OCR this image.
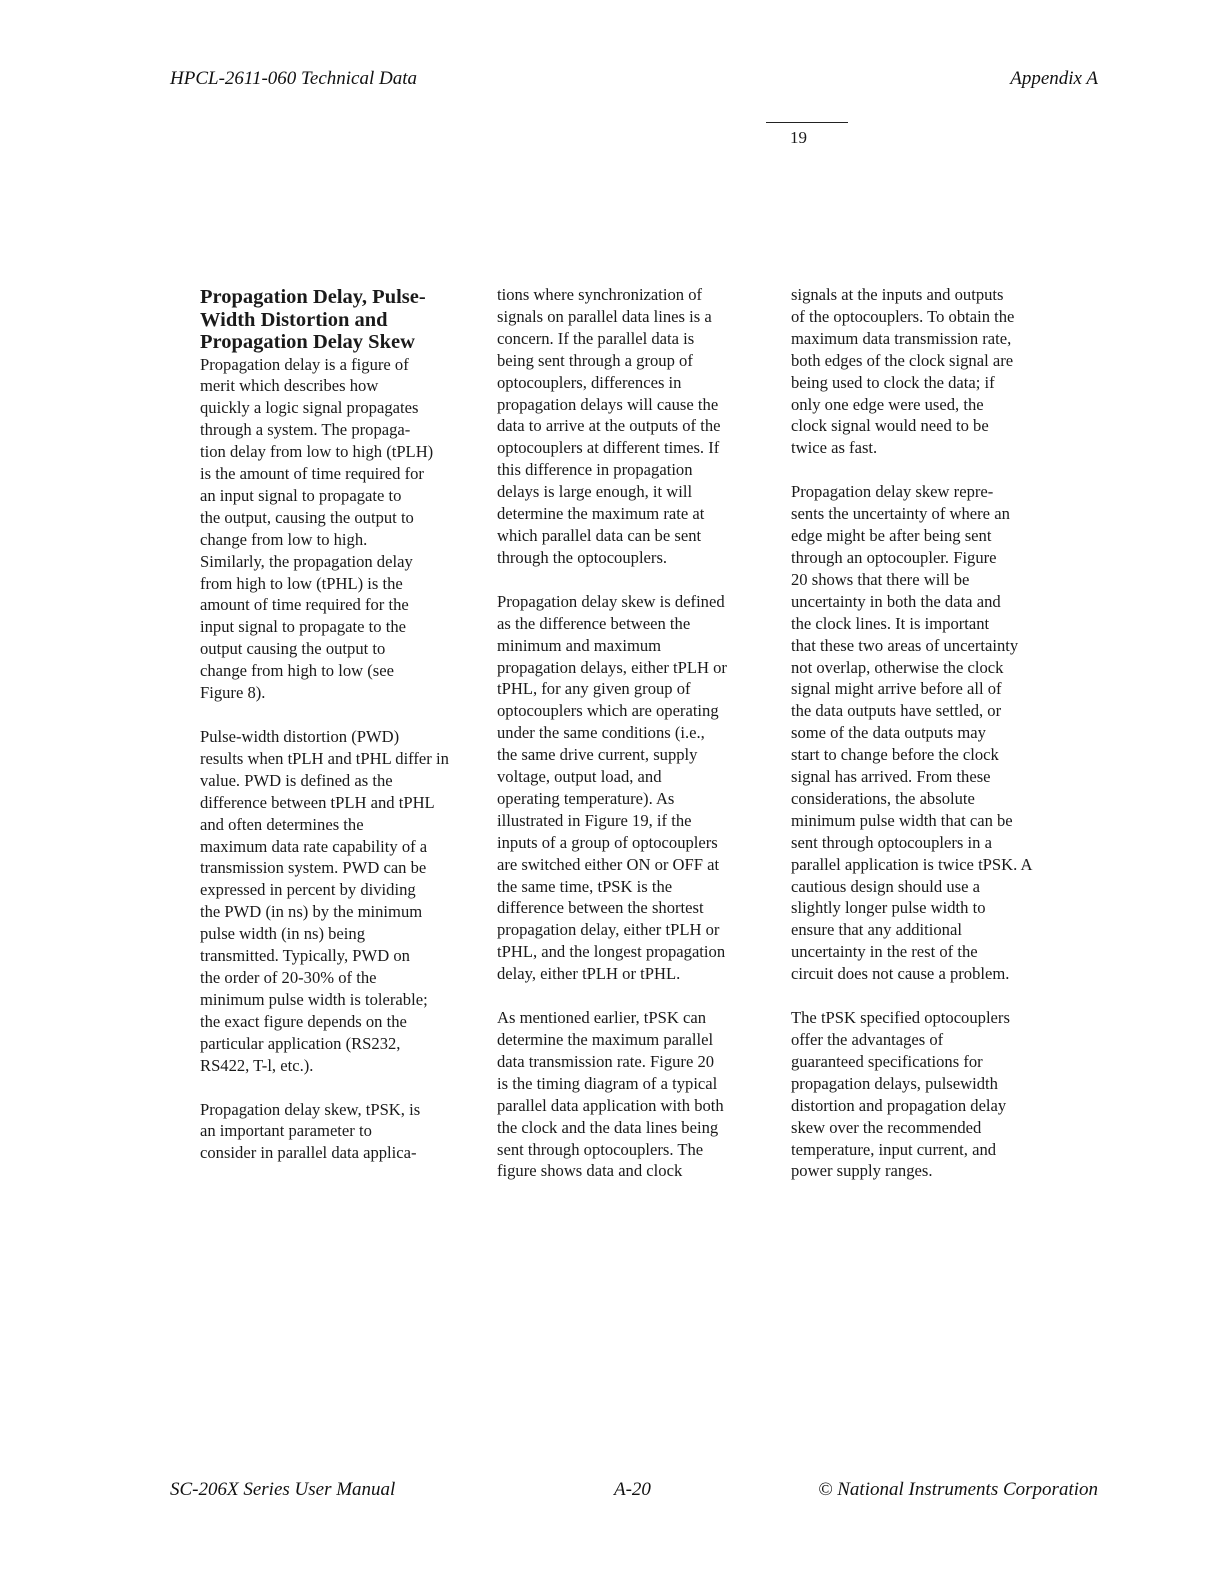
HPCL-2611-060 Technical Data	Appendix A
19
Propagation Delay, Pulse-
Width Distortion and
Propagation Delay Skew
Propagation delay is a figure of
merit which describes how
quickly a logic signal propagates
through a system. The propaga-
tion delay from low to high (tPLH)
is the amount of time required for
an input signal to propagate to
the output, causing the output to
change from low to high.
Similarly, the propagation delay
from high to low (tPHL) is the
amount of time required for the
input signal to propagate to the
output causing the output to
change from high to low (see
Figure 8).
Pulse-width distortion (PWD)
results when tPLH and tPHL differ in
value. PWD is defined as the
difference between tPLH and tPHL
and often determines the
maximum data rate capability of a
transmission system. PWD can be
expressed in percent by dividing
the PWD (in ns) by the minimum
pulse width (in ns) being
transmitted. Typically, PWD on
the order of 20-30% of the
minimum pulse width is tolerable;
the exact figure depends on the
particular application (RS232,
RS422, T-l, etc.).
Propagation delay skew, tPSK, is
an important parameter to
consider in parallel data applica-
tions where synchronization of
signals on parallel data lines is a
concern. If the parallel data is
being sent through a group of
optocouplers, differences in
propagation delays will cause the
data to arrive at the outputs of the
optocouplers at different times. If
this difference in propagation
delays is large enough, it will
determine the maximum rate at
which parallel data can be sent
through the optocouplers.
Propagation delay skew is defined
as the difference between the
minimum and maximum
propagation delays, either tPLH or
tPHL, for any given group of
optocouplers which are operating
under the same conditions (i.e.,
the same drive current, supply
voltage, output load, and
operating temperature). As
illustrated in Figure 19, if the
inputs of a group of optocouplers
are switched either ON or OFF at
the same time, tPSK is the
difference between the shortest
propagation delay, either tPLH or
tPHL, and the longest propagation
delay, either tPLH or tPHL.
As mentioned earlier, tPSK can
determine the maximum parallel
data transmission rate. Figure 20
is the timing diagram of a typical
parallel data application with both
the clock and the data lines being
sent through optocouplers. The
figure shows data and clock
signals at the inputs and outputs
of the optocouplers. To obtain the
maximum data transmission rate,
both edges of the clock signal are
being used to clock the data; if
only one edge were used, the
clock signal would need to be
twice as fast.
Propagation delay skew repre-
sents the uncertainty of where an
edge might be after being sent
through an optocoupler. Figure
20 shows that there will be
uncertainty in both the data and
the clock lines. It is important
that these two areas of uncertainty
not overlap, otherwise the clock
signal might arrive before all of
the data outputs have settled, or
some of the data outputs may
start to change before the clock
signal has arrived. From these
considerations, the absolute
minimum pulse width that can be
sent through optocouplers in a
parallel application is twice tPSK. A
cautious design should use a
slightly longer pulse width to
ensure that any additional
uncertainty in the rest of the
circuit does not cause a problem.
The tPSK specified optocouplers
offer the advantages of
guaranteed specifications for
propagation delays, pulsewidth
distortion and propagation delay
skew over the recommended
temperature, input current, and
power supply ranges.
SC-206X Series User Manual	A-20	© National Instruments Corporation
